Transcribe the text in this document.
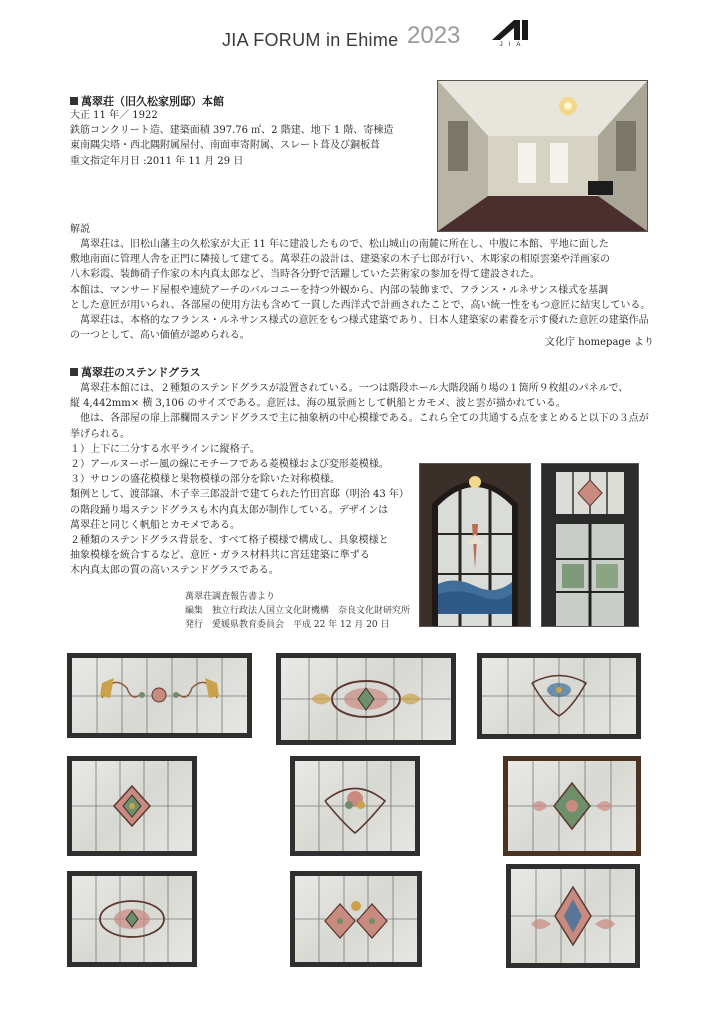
JIA FORUM in Ehime 2023	JIA
萬翠荘（旧久松家別邸）本館
大正 11 年／ 1922
鉄筋コンクリート造、建築面積 397.76 ㎡、2 階建、地下 1 階、寄棟造
東南隅尖塔・西北隅附属屋付、南面車寄附属、スレート葺及び銅板葺
重文指定年月日 :2011 年 11 月 29 日
解説
　萬翠荘は、旧松山藩主の久松家が大正 11 年に建設したもので、松山城山の南麓に所在し、中腹に本館、平地に面した
敷地南面に管理人舎を正門に隣接して建てる。萬翠荘の設計は、建築家の木子七郎が行い、木彫家の相原雲楽や洋画家の
八木彩霞、装飾硝子作家の木内真太郎など、当時各分野で活躍していた芸術家の参加を得て建設された。
本館は、マンサード屋根や連続アーチのバルコニーを持つ外観から、内部の装飾まで、フランス・ルネサンス様式を基調
とした意匠が用いられ、各部屋の使用方法も含めて一貫した西洋式で計画されたことで、高い統一性をもつ意匠に結実している。
　萬翠荘は、本格的なフランス・ルネサンス様式の意匠をもつ様式建築であり、日本人建築家の素養を示す優れた意匠の建築作品
の一つとして、高い価値が認められる。
文化庁 homepage より
萬翠荘のステンドグラス
　萬翠荘本館には、２種類のステンドグラスが設置されている。一つは階段ホール大階段踊り場の１箇所９枚組のパネルで、
縦 4,442mm× 横 3,106 のサイズである。意匠は、海の風景画として帆船とカモメ、波と雲が描かれている。
　他は、各部屋の扉上部欄間ステンドグラスで主に抽象柄の中心模様である。これら全ての共通する点をまとめると以下の３点が
挙げられる。
１）上下に二分する水平ラインに縦格子。
２）アールヌーボー風の線にモチーフである菱模様および変形菱模様。
３）サロンの盛花模様と果物模様の部分を除いた対称模様。
類例として、渡部譲、木子幸三郎設計で建てられた竹田宮邸（明治 43 年）
の階段踊り場ステンドグラスも木内真太郎が制作している。デザインは
萬翠荘と同じく帆船とカモメである。
２種類のステンドグラス背景を、すべて格子模様で構成し、具象模様と
抽象模様を統合するなど、意匠・ガラス材料共に宮廷建築に準ずる
木内真太郎の質の高いステンドグラスである。
萬翠荘調査報告書より
編集　独立行政法人国立文化財機構　奈良文化財研究所
発行　愛媛県教育委員会　平成 22 年 12 月 20 日
